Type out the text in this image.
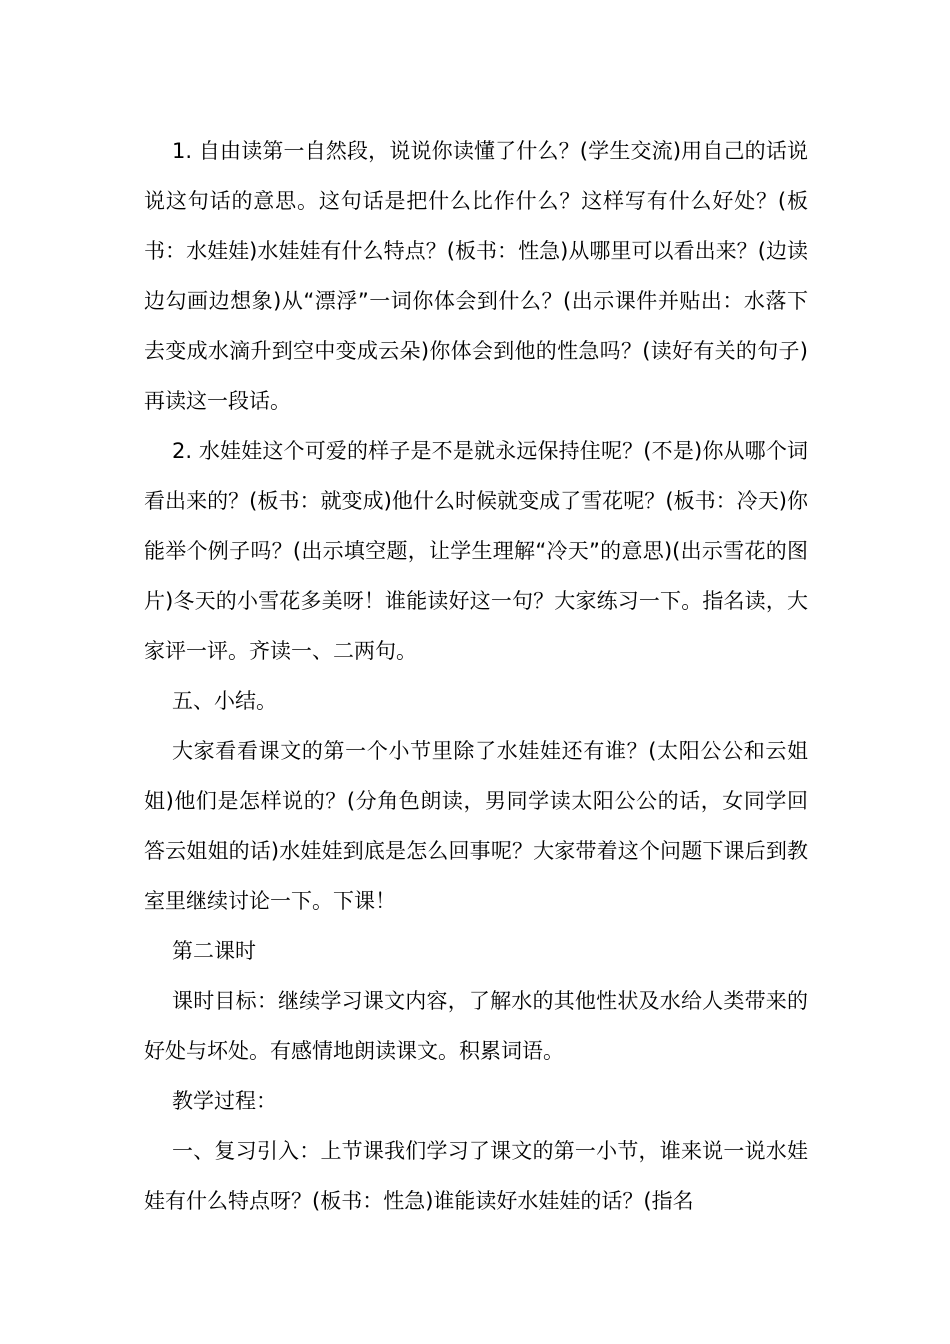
1. 自由读第一自然段，说说你读懂了什么？(学生交流)用自己的话说说这句话的意思。这句话是把什么比作什么？这样写有什么好处？(板书：水娃娃)水娃娃有什么特点？(板书：性急)从哪里可以看出来？(边读边勾画边想象)从“漂浮”一词你体会到什么？(出示课件并贴出：水落下去变成水滴升到空中变成云朵)你体会到他的性急吗？(读好有关的句子)再读这一段话。

2. 水娃娃这个可爱的样子是不是就永远保持住呢？(不是)你从哪个词看出来的？(板书：就变成)他什么时候就变成了雪花呢？(板书：冷天)你能举个例子吗？(出示填空题，让学生理解“冷天”的意思)(出示雪花的图片)冬天的小雪花多美呀！谁能读好这一句？大家练习一下。指名读，大家评一评。齐读一、二两句。

五、小结。

大家看看课文的第一个小节里除了水娃娃还有谁？(太阳公公和云姐姐)他们是怎样说的？(分角色朗读，男同学读太阳公公的话，女同学回答云姐姐的话)水娃娃到底是怎么回事呢？大家带着这个问题下课后到教室里继续讨论一下。下课！

第二课时

课时目标：继续学习课文内容，了解水的其他性状及水给人类带来的好处与坏处。有感情地朗读课文。积累词语。

教学过程：

一、复习引入：上节课我们学习了课文的第一小节，谁来说一说水娃娃有什么特点呀？(板书：性急)谁能读好水娃娃的话？(指名
